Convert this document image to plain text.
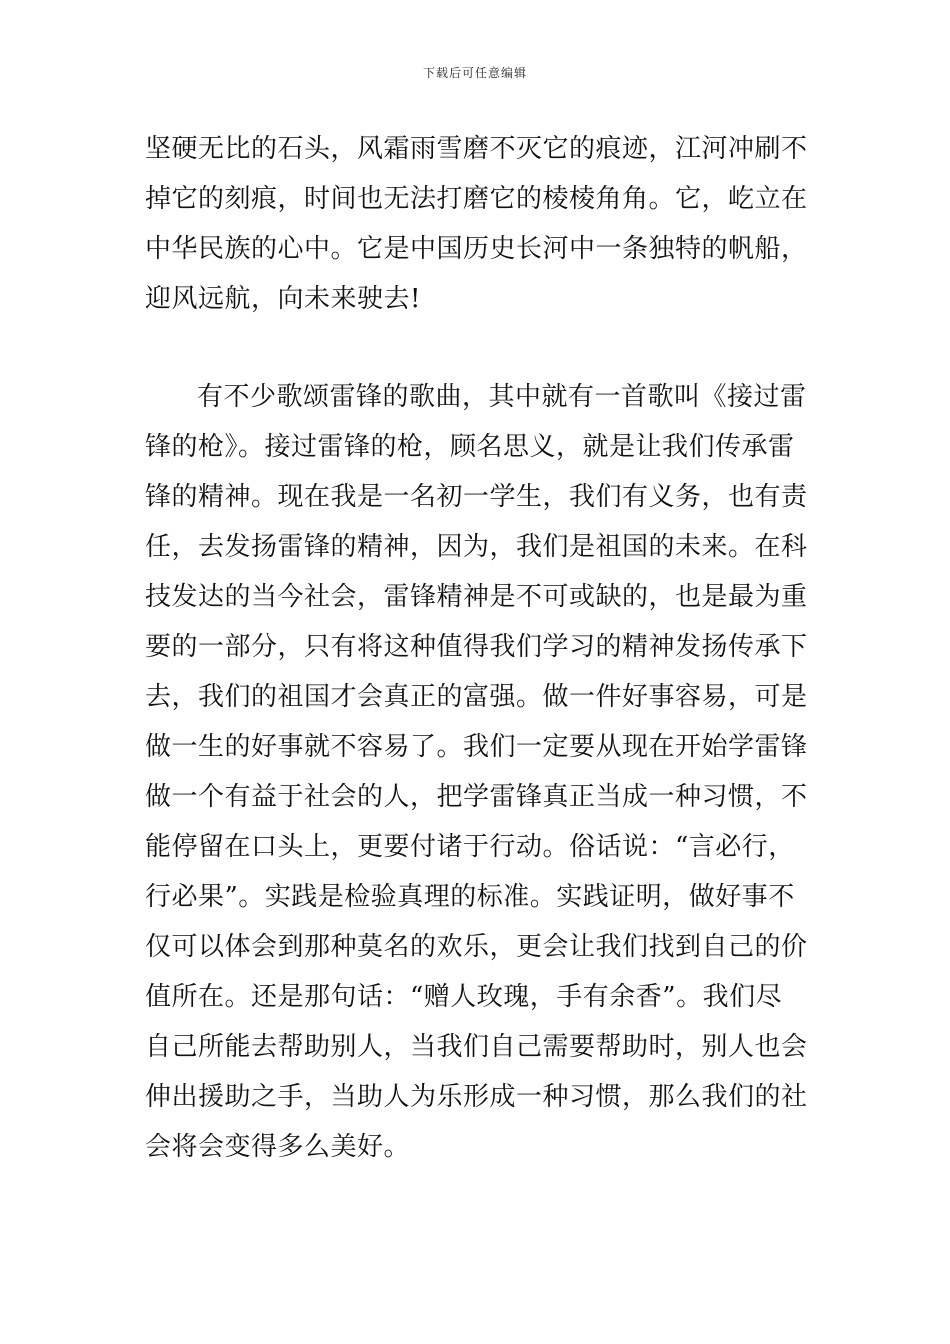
下载后可任意编辑
坚硬无比的石头，风霜雨雪磨不灭它的痕迹，江河冲刷不
掉它的刻痕，时间也无法打磨它的棱棱角角。它，屹立在
中华民族的心中。它是中国历史长河中一条独特的帆船，
迎风远航，向未来驶去!
有不少歌颂雷锋的歌曲，其中就有一首歌叫《接过雷
锋的枪》。接过雷锋的枪，顾名思义，就是让我们传承雷
锋的精神。现在我是一名初一学生，我们有义务，也有责
任，去发扬雷锋的精神，因为，我们是祖国的未来。在科
技发达的当今社会，雷锋精神是不可或缺的，也是最为重
要的一部分，只有将这种值得我们学习的精神发扬传承下
去，我们的祖国才会真正的富强。做一件好事容易，可是
做一生的好事就不容易了。我们一定要从现在开始学雷锋
做一个有益于社会的人，把学雷锋真正当成一种习惯，不
能停留在口头上，更要付诸于行动。俗话说：“言必行，
行必果”。实践是检验真理的标准。实践证明，做好事不
仅可以体会到那种莫名的欢乐，更会让我们找到自己的价
值所在。还是那句话：“赠人玫瑰，手有余香”。我们尽
自己所能去帮助别人，当我们自己需要帮助时，别人也会
伸出援助之手，当助人为乐形成一种习惯，那么我们的社
会将会变得多么美好。
